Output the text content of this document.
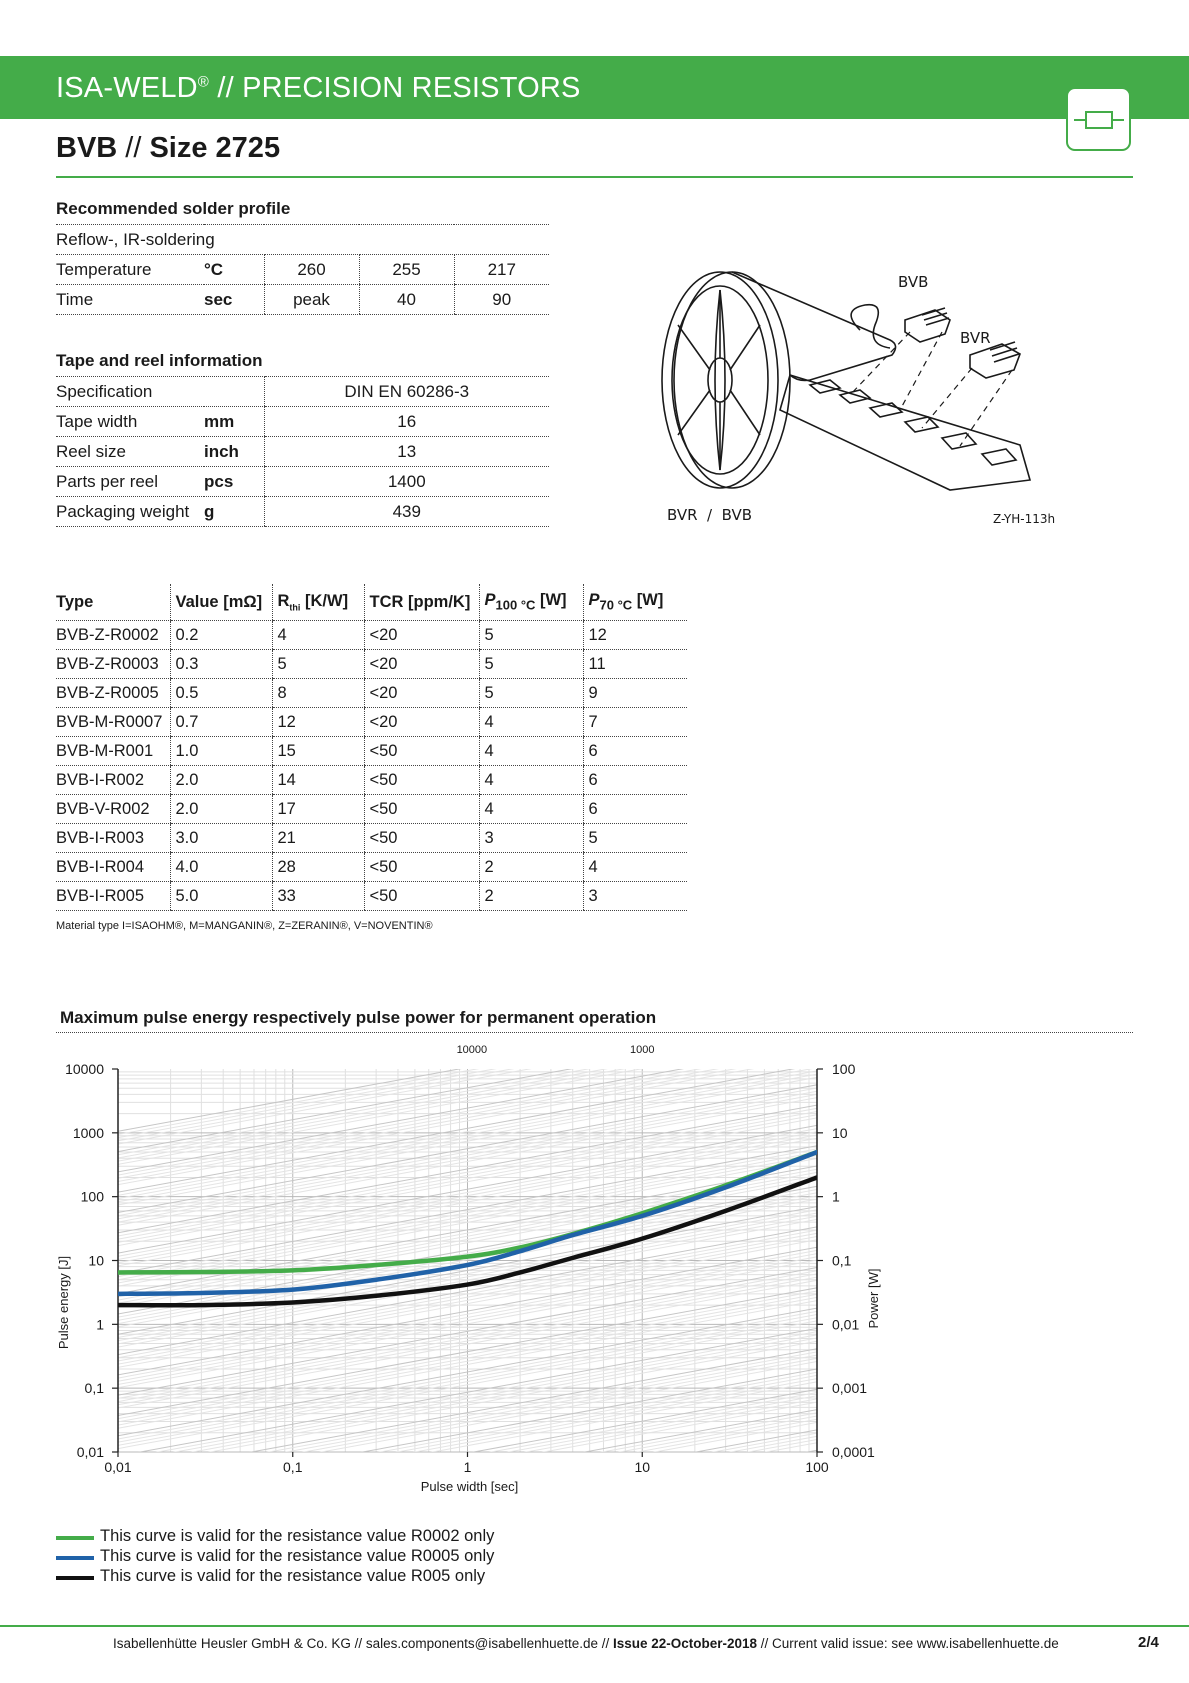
ISA-WELD® // PRECISION RESISTORS
BVB // Size 2725
Recommended solder profile
Reflow-, IR-soldering				
Temperature	°C	260	255	217
Time	sec	peak	40	90
Tape and reel information
Specification		DIN EN 60286-3
Tape width	mm	16
Reel size	inch	13
Parts per reel	pcs	1400
Packaging weight	g	439
BVB
BVR
BVR  /  BVB	Z-YH-113h
Type	Value [mΩ]	$R_{thi}$ [K/W]	TCR [ppm/K]	$P_{100 ^\circ C}$ [W]	$P_{70 ^\circ C}$ [W]
BVB-Z-R0002	0.2	4	<20	5	12
BVB-Z-R0003	0.3	5	<20	5	11
BVB-Z-R0005	0.5	8	<20	5	9
BVB-M-R0007	0.7	12	<20	4	7
BVB-M-R001	1.0	15	<50	4	6
BVB-I-R002	2.0	14	<50	4	6
BVB-V-R002	2.0	17	<50	4	6
BVB-I-R003	3.0	21	<50	3	5
BVB-I-R004	4.0	28	<50	2	4
BVB-I-R005	5.0	33	<50	2	3
Material type I=ISAOHM®, M=MANGANIN®, Z=ZERANIN®, V=NOVENTIN®
Maximum pulse energy respectively pulse power for permanent operation
0,01
0,1
1
10
100
1000
10000
0,0001
0,001
0,01
0,1
1
10
100
0,01	0,1	1	10	100
10000	1000
Pulse width [sec]
Pulse energy [J]	Power [W]
This curve is valid for the resistance value R0002 only
This curve is valid for the resistance value R0005 only
This curve is valid for the resistance value R005 only
Isabellenhütte Heusler GmbH & Co. KG // sales.components@isabellenhuette.de // Issue 22-October-2018 // Current valid issue: see www.isabellenhuette.de	2/4
